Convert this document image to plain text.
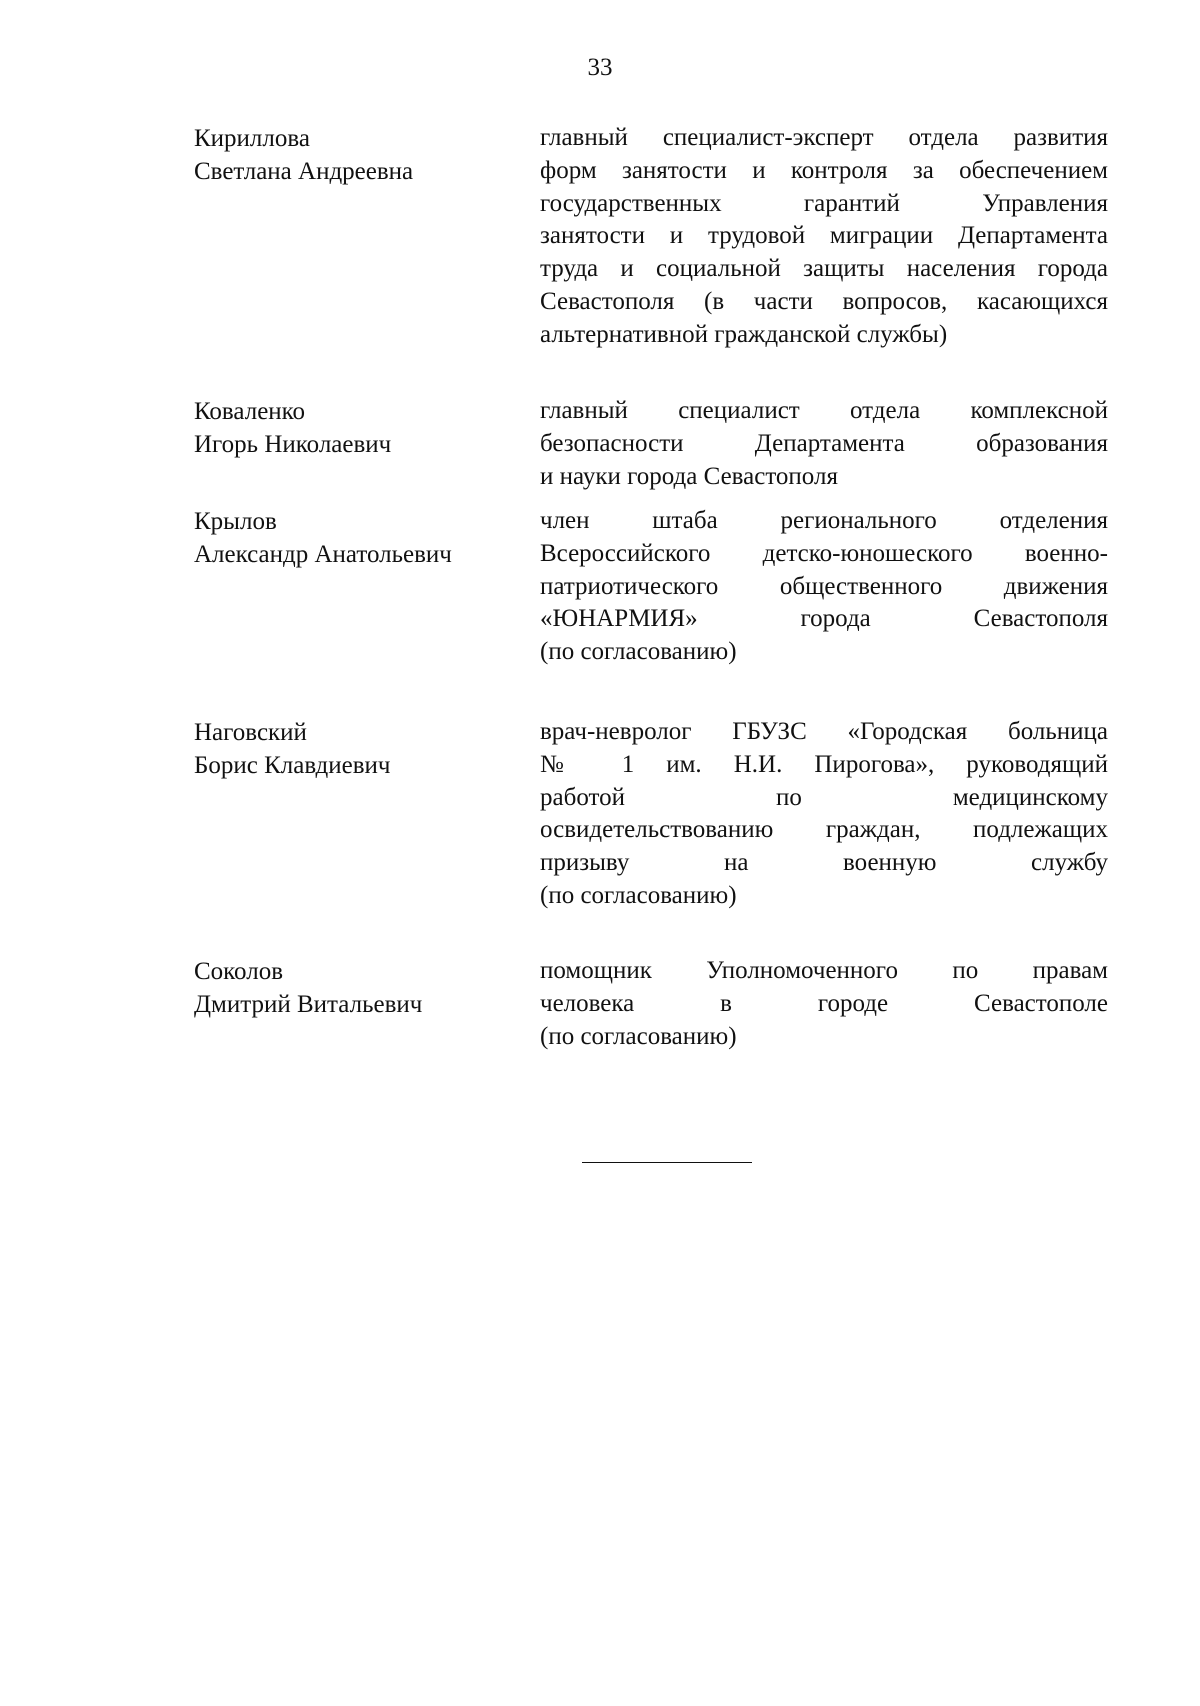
33
Кириллова
Светлана Андреевна
главный специалист-эксперт отдела развития
форм занятости и контроля за обеспечением
государственных гарантий Управления
занятости и трудовой миграции Департамента
труда и социальной защиты населения города
Севастополя (в части вопросов, касающихся
альтернативной гражданской службы)
Коваленко
Игорь Николаевич
главный специалист отдела комплексной
безопасности Департамента образования
и науки города Севастополя
Крылов
Александр Анатольевич
член штаба регионального отделения
Всероссийского детско-юношеского военно-
патриотического общественного движения
«ЮНАРМИЯ» города Севастополя
(по согласованию)
Наговский
Борис Клавдиевич
врач-невролог ГБУЗС «Городская больница
№ 1 им. Н.И. Пирогова», руководящий
работой по медицинскому
освидетельствованию граждан, подлежащих
призыву на военную службу
(по согласованию)
Соколов
Дмитрий Витальевич
помощник Уполномоченного по правам
человека в городе Севастополе
(по согласованию)
